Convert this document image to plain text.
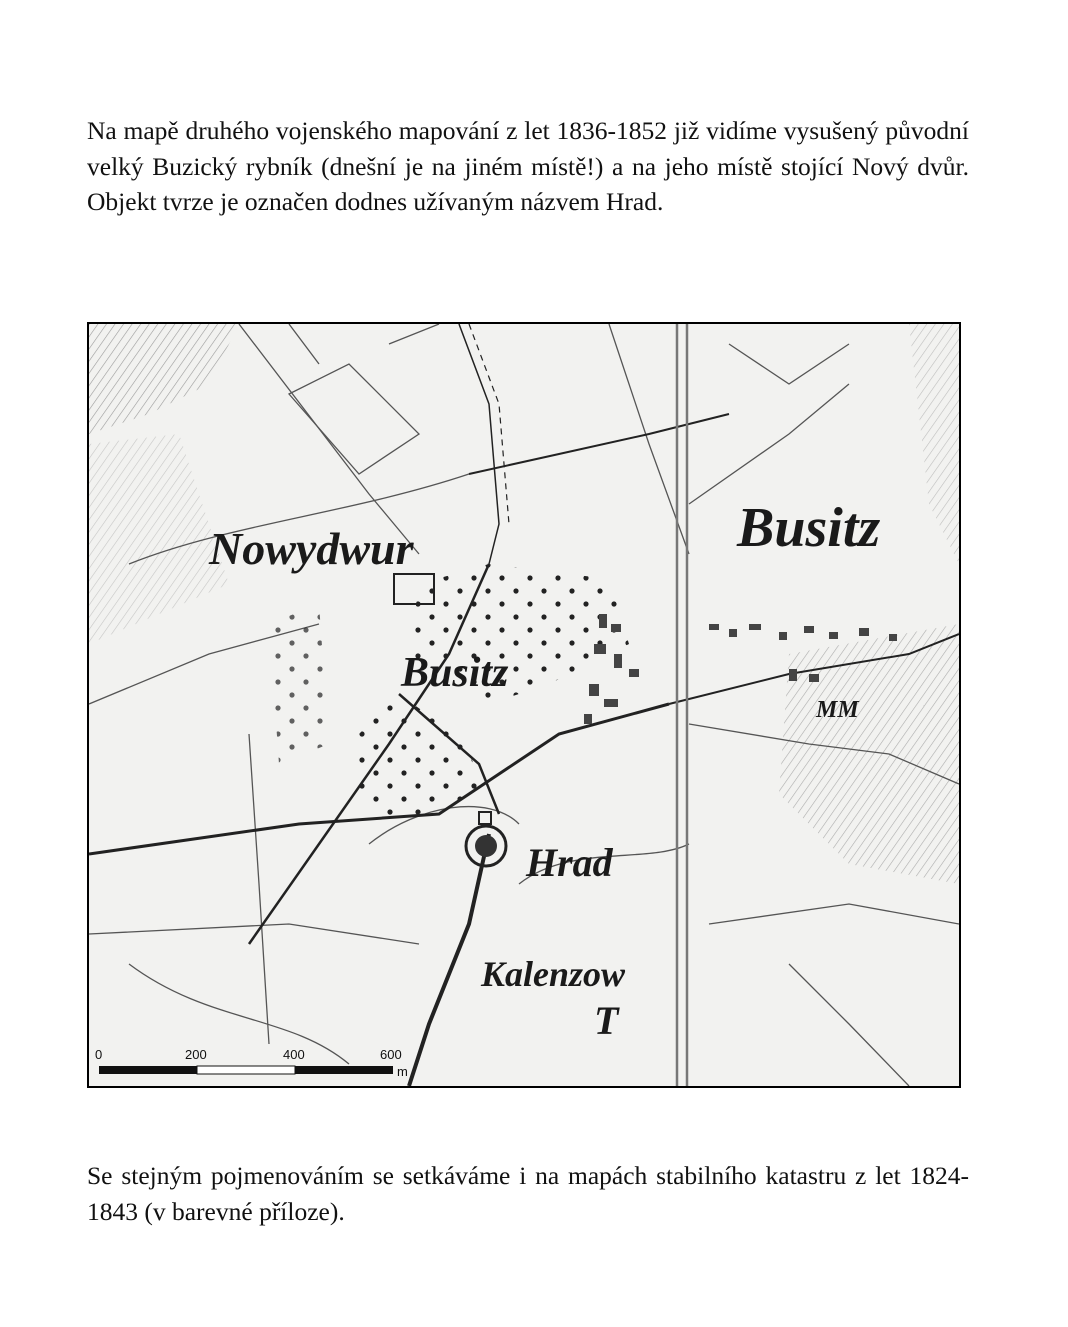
Na mapě druhého vojenského mapování z let 1836-1852 již vidíme vysušený původní velký Buzický rybník (dnešní je na jiném místě!) a na jeho místě stojící Nový dvůr. Objekt tvrze je označen dodnes užívaným názvem Hrad.

Nowydwur	Busitz
Busitz
MM
Hrad
Kalenzow
T
0	200	400	600
m

Se stejným pojmenováním se setkáváme i na mapách stabilního katastru z let 1824-1843 (v barevné příloze).
